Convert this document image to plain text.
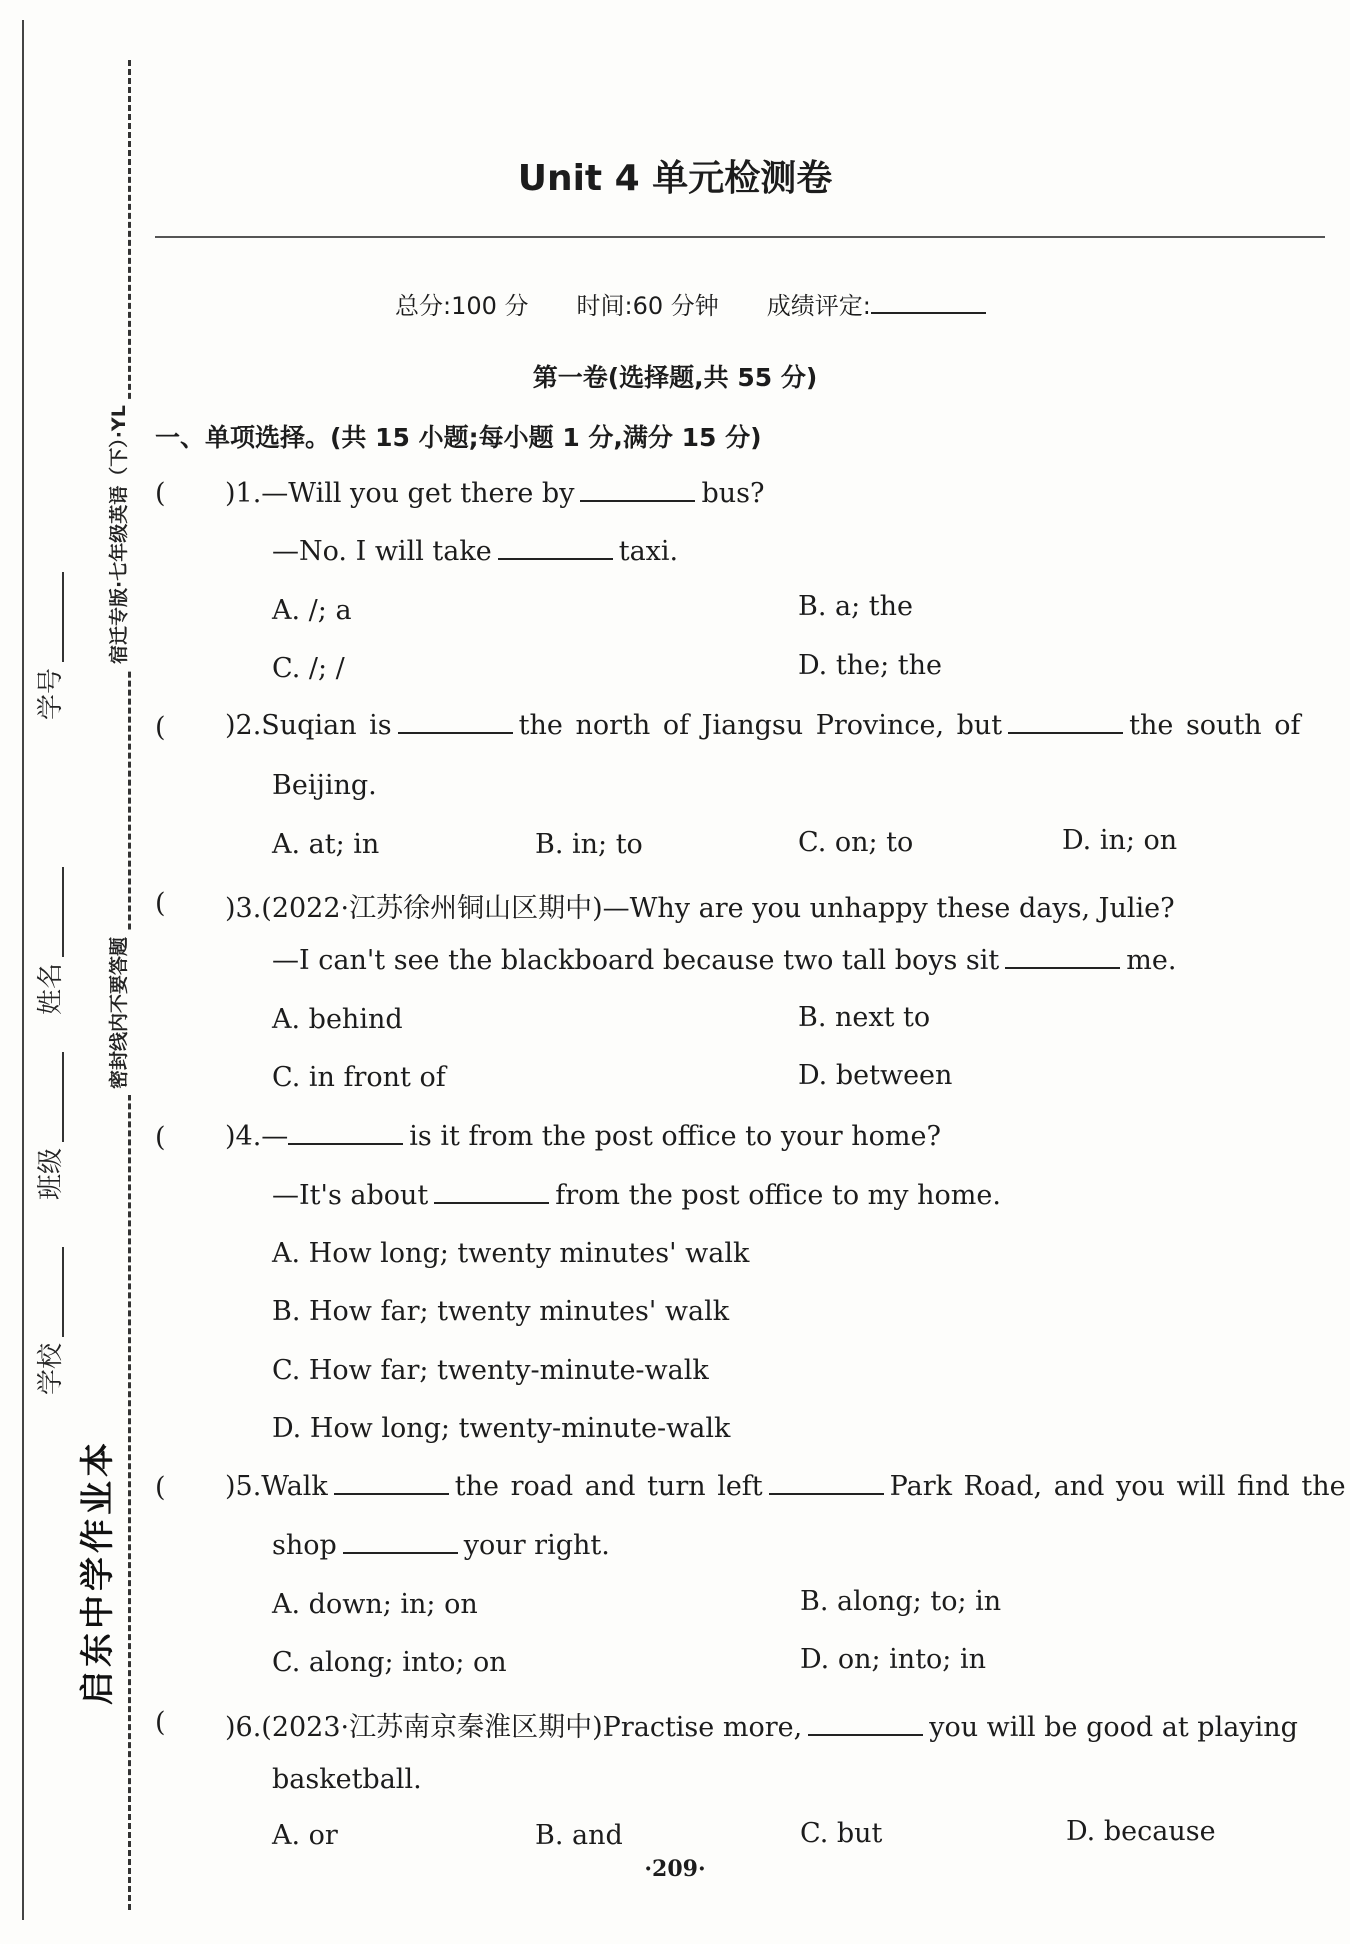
学号
姓名
班级
学校
宿迁专版·七年级英语（下）·YL
密封线内不要答题
启东中学作业本
Unit 4 单元检测卷
总分:100 分 时间:60 分钟 成绩评定:
第一卷(选择题,共 55 分)
一、单项选择。(共 15 小题;每小题 1 分,满分 15 分)
( )1.—Will you get there by	bus?
—No. I will take	taxi.
A. /; a	B. a; the
C. /; /	D. the; the
( )2.Suqian is	the north of Jiangsu Province, but	the south of
Beijing.
A. at; in	B. in; to	C. on; to	D. in; on
( )3.(2022·江苏徐州铜山区期中)—Why are you unhappy these days, Julie?
—I can't see the blackboard because two tall boys sit	me.
A. behind	B. next to
C. in front of	D. between
( )4.—	is it from the post office to your home?
—It's about	from the post office to my home.
A. How long; twenty minutes' walk
B. How far; twenty minutes' walk
C. How far; twenty-minute-walk
D. How long; twenty-minute-walk
( )5.Walk	the road and turn left	Park Road, and you will find the
shop	your right.
A. down; in; on	B. along; to; in
C. along; into; on	D. on; into; in
( )6.(2023·江苏南京秦淮区期中)Practise more,	you will be good at playing
basketball.
A. or	B. and	C. but	D. because
·209·
